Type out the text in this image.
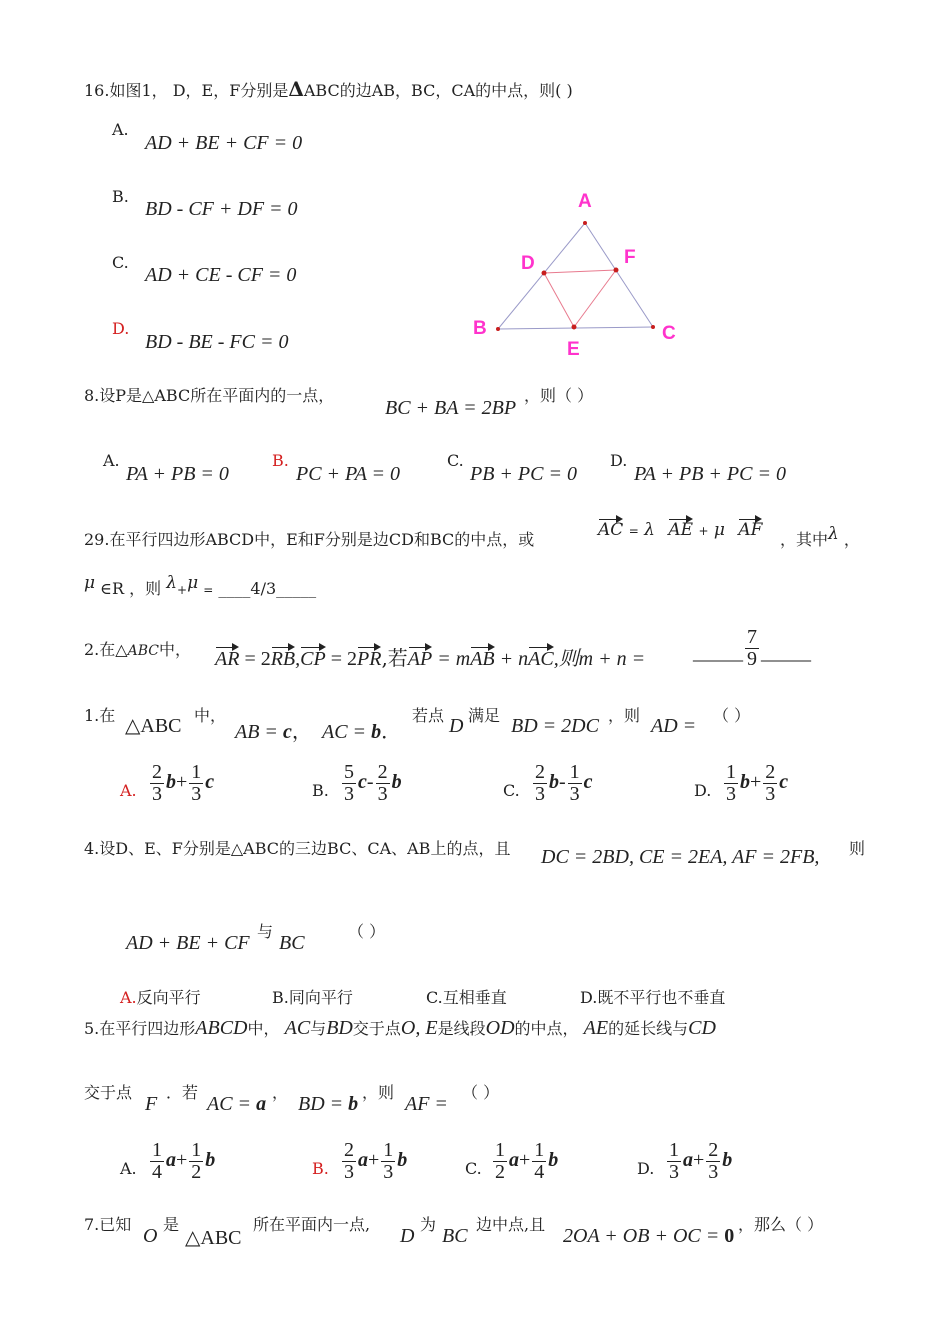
16.如图1， D，E，F分别是ΔABC的边AB，BC，CA的中点，则( )
A.
AD + BE + CF = 0
B.
BD - CF + DF = 0
C.
AD + CE - CF = 0
D.
BD - BE - FC = 0
A
D	F
B
E
C
8.设P是△ABC所在平面内的一点，
BC + BA = 2BP
，则（ ）
A.
PA + PB = 0
B.
PC + PA = 0
C.
PB + PC = 0
D.
PA + PB + PC = 0
29.在平行四边形ABCD中，E和F分别是边CD和BC的中点，或	AC = λ AE + μ AF ，其中λ ，
μ ∈R ，则 λ+μ = ____4/3_____
2.在△ABC中， AR = 2RB,CP = 2PR,若AP = mAB + nAC,则m + n = _____ $\frac{7}{9}$ _____
1.在 △ABC 中，
AB = c， AC = b．
若点 D 满足 BD = 2DC ，则 AD = （ ）
A. $\frac{2}{3} b+ \frac{1}{3}$ c	B. $\frac{5}{3} c- \frac{2}{3}$ b	C. $\frac{2}{3} b- \frac{1}{3}$ c	D. $\frac{1}{3} b+ \frac{2}{3}$ c
4.设D、E、F分别是△ABC的三边BC、CA、AB上的点，且 DC = 2BD, CE = 2EA, AF = 2FB, 则
AD + BE + CF
与
BC
（ ）
A.反向平行	B.同向平行	C.互相垂直	D.既不平行也不垂直
5.在平行四边形ABCD中， AC与BD交于点O, E是线段OD的中点， AE的延长线与CD
交于点
F
．若
AC = a
，
BD = b
，则
AF =
（ ）
A. $\frac{1}{4} a+ \frac{1}{2}$ b	B. $\frac{2}{3} a+ \frac{1}{3}$ b	C. $\frac{1}{2} a+ \frac{1}{4}$ b	D. $\frac{1}{3} a+ \frac{2}{3}$ b
7.已知
O
是
△ABC
所在平面内一点,
D
为
BC
边中点,且
2OA + OB + OC = 0
，那么（ ）
